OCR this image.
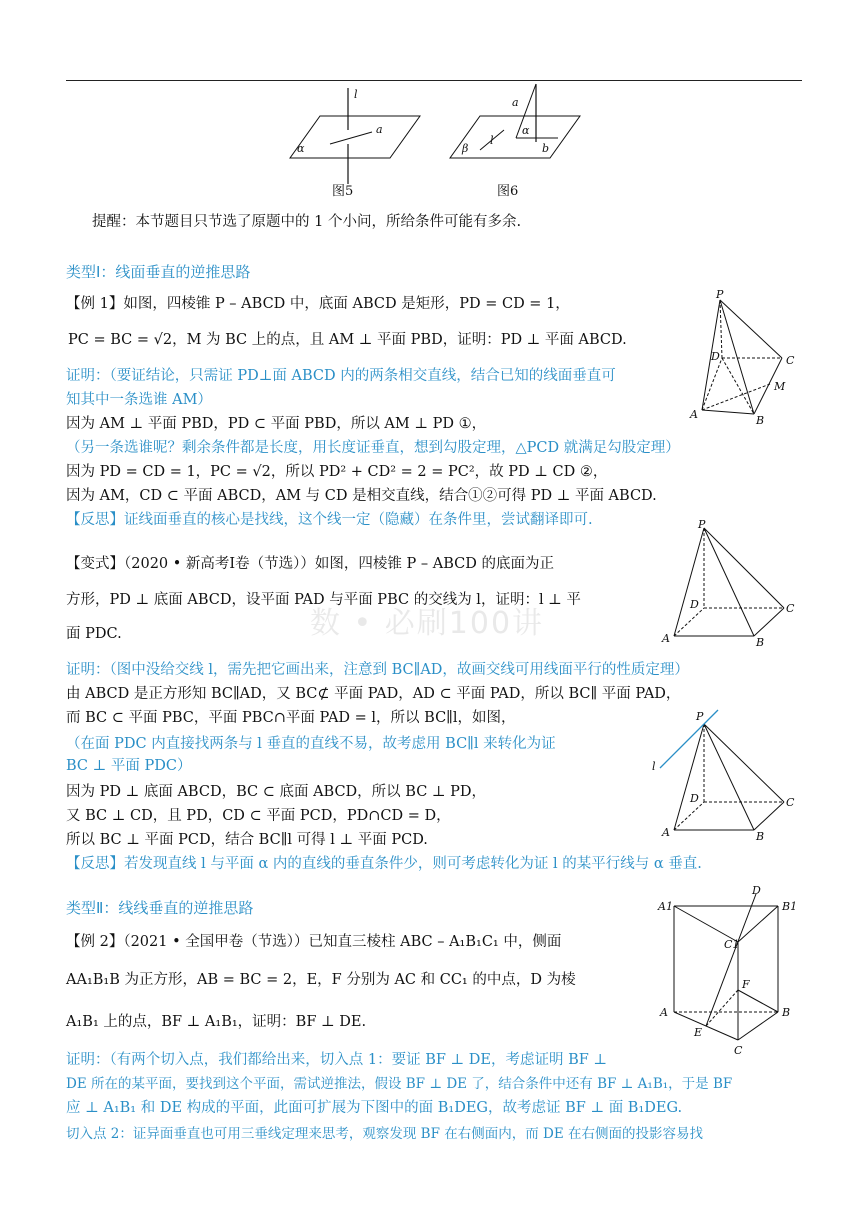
l
a
α
图5
a
α
β
l
b
图6
提醒：本节题目只节选了原题中的 1 个小问，所给条件可能有多余.
类型Ⅰ：线面垂直的逆推思路
【例 1】如图，四棱锥 P – ABCD 中，底面 ABCD 是矩形，PD = CD = 1，
PC = BC = √2，M 为 BC 上的点，且 AM ⊥ 平面 PBD，证明：PD ⊥ 平面 ABCD.
证明：（要证结论，只需证 PD⊥面 ABCD 内的两条相交直线，结合已知的线面垂直可
知其中一条选谁 AM）
因为 AM ⊥ 平面 PBD，PD ⊂ 平面 PBD，所以 AM ⊥ PD ①，
（另一条选谁呢？剩余条件都是长度，用长度证垂直，想到勾股定理，△PCD 就满足勾股定理）
因为 PD = CD = 1，PC = √2，所以 PD² + CD² = 2 = PC²，故 PD ⊥ CD ②，
因为 AM，CD ⊂ 平面 ABCD，AM 与 CD 是相交直线，结合①②可得 PD ⊥ 平面 ABCD.
【反思】证线面垂直的核心是找线，这个线一定（隐藏）在条件里，尝试翻译即可.
【变式】（2020 • 新高考Ⅰ卷（节选））如图，四棱锥 P – ABCD 的底面为正
方形，PD ⊥ 底面 ABCD，设平面 PAD 与平面 PBC 的交线为 l，证明：l ⊥ 平
面 PDC.
证明：（图中没给交线 l，需先把它画出来，注意到 BC∥AD，故画交线可用线面平行的性质定理）
由 ABCD 是正方形知 BC∥AD，又 BC⊄ 平面 PAD，AD ⊂ 平面 PAD，所以 BC∥ 平面 PAD，
而 BC ⊂ 平面 PBC，平面 PBC∩平面 PAD = l，所以 BC∥l，如图，
（在面 PDC 内直接找两条与 l 垂直的直线不易，故考虑用 BC∥l 来转化为证
BC ⊥ 平面 PDC）
因为 PD ⊥ 底面 ABCD，BC ⊂ 底面 ABCD，所以 BC ⊥ PD，
又 BC ⊥ CD，且 PD，CD ⊂ 平面 PCD，PD∩CD = D，
所以 BC ⊥ 平面 PCD，结合 BC∥l 可得 l ⊥ 平面 PCD.
【反思】若发现直线 l 与平面 α 内的直线的垂直条件少，则可考虑转化为证 l 的某平行线与 α 垂直.
类型Ⅱ：线线垂直的逆推思路
【例 2】（2021 • 全国甲卷（节选））已知直三棱柱 ABC – A₁B₁C₁ 中，侧面
AA₁B₁B 为正方形，AB = BC = 2，E，F 分别为 AC 和 CC₁ 的中点，D 为棱
A₁B₁ 上的点，BF ⊥ A₁B₁，证明：BF ⊥ DE.
证明：（有两个切入点，我们都给出来，切入点 1：要证 BF ⊥ DE，考虑证明 BF ⊥
DE 所在的某平面，要找到这个平面，需试逆推法，假设 BF ⊥ DE 了，结合条件中还有 BF ⊥ A₁B₁，于是 BF
应 ⊥ A₁B₁ 和 DE 构成的平面，此面可扩展为下图中的面 B₁DEG，故考虑证 BF ⊥ 面 B₁DEG.
切入点 2：证异面垂直也可用三垂线定理来思考，观察发现 BF 在右侧面内，而 DE 在右侧面的投影容易找
数 • 必刷100讲
P
D	C
M
A	B
P
D	C
A	B
P
l
D	C
A	B
D
A1	B1
C1
F
A	B
E
C
